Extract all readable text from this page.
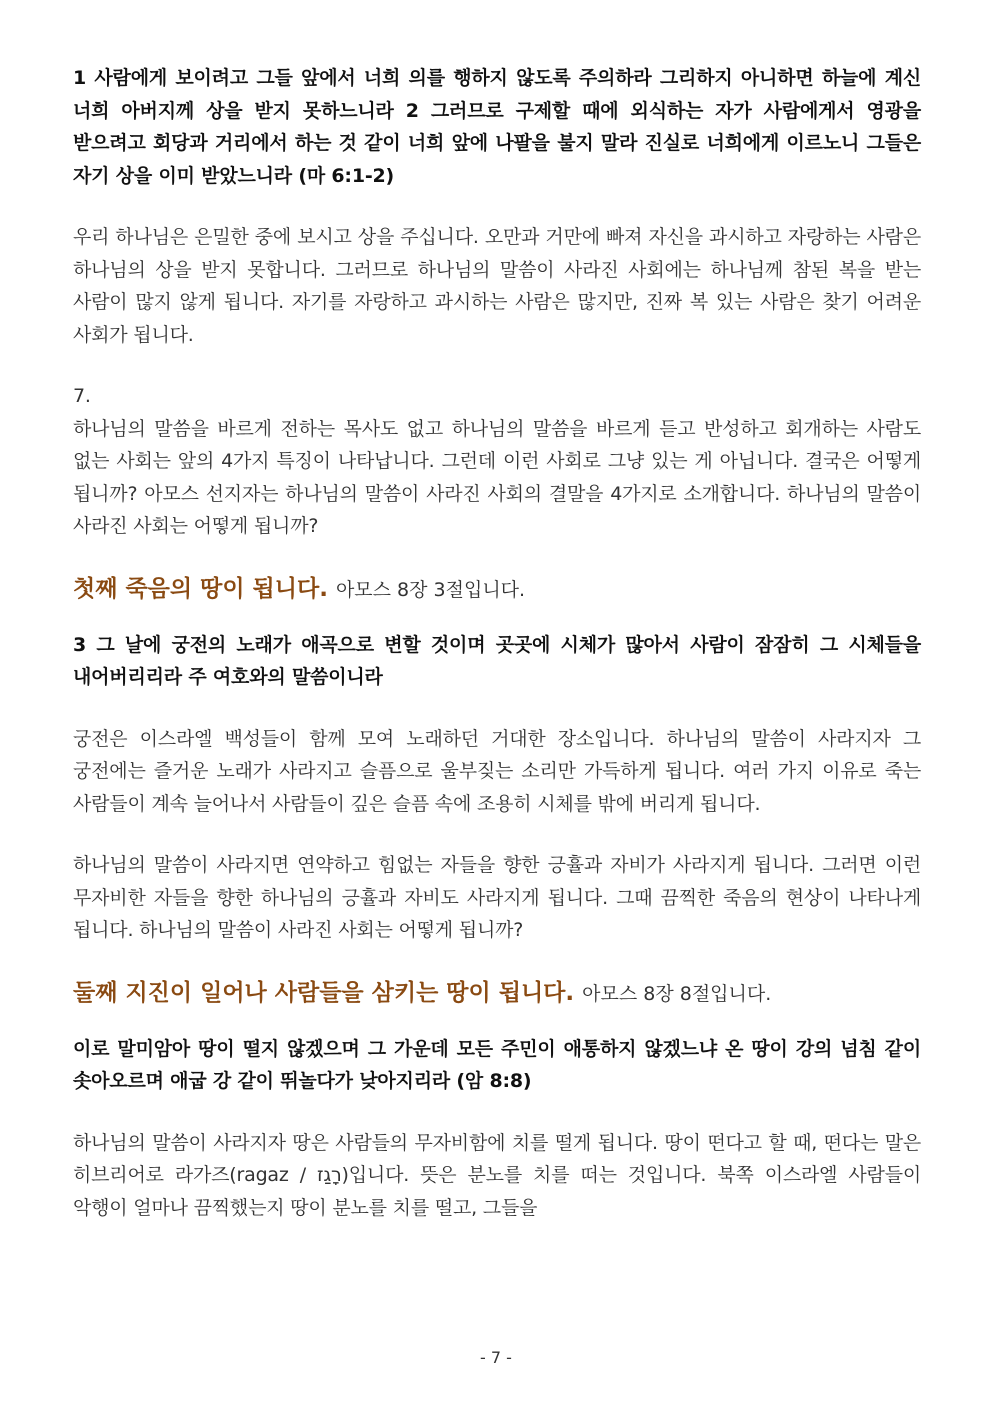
1 사람에게 보이려고 그들 앞에서 너희 의를 행하지 않도록 주의하라 그리하지 아니하면 하늘에 계신 너희 아버지께 상을 받지 못하느니라 2 그러므로 구제할 때에 외식하는 자가 사람에게서 영광을 받으려고 회당과 거리에서 하는 것 같이 너희 앞에 나팔을 불지 말라 진실로 너희에게 이르노니 그들은 자기 상을 이미 받았느니라 (마 6:1-2)

우리 하나님은 은밀한 중에 보시고 상을 주십니다. 오만과 거만에 빠져 자신을 과시하고 자랑하는 사람은 하나님의 상을 받지 못합니다. 그러므로 하나님의 말씀이 사라진 사회에는 하나님께 참된 복을 받는 사람이 많지 않게 됩니다. 자기를 자랑하고 과시하는 사람은 많지만, 진짜 복 있는 사람은 찾기 어려운 사회가 됩니다.

7.

하나님의 말씀을 바르게 전하는 목사도 없고 하나님의 말씀을 바르게 듣고 반성하고 회개하는 사람도 없는 사회는 앞의 4가지 특징이 나타납니다. 그런데 이런 사회로 그냥 있는 게 아닙니다. 결국은 어떻게 됩니까? 아모스 선지자는 하나님의 말씀이 사라진 사회의 결말을 4가지로 소개합니다. 하나님의 말씀이 사라진 사회는 어떻게 됩니까?

첫째 죽음의 땅이 됩니다. 아모스 8장 3절입니다.

3 그 날에 궁전의 노래가 애곡으로 변할 것이며 곳곳에 시체가 많아서 사람이 잠잠히 그 시체들을 내어버리리라 주 여호와의 말씀이니라

궁전은 이스라엘 백성들이 함께 모여 노래하던 거대한 장소입니다. 하나님의 말씀이 사라지자 그 궁전에는 즐거운 노래가 사라지고 슬픔으로 울부짖는 소리만 가득하게 됩니다. 여러 가지 이유로 죽는 사람들이 계속 늘어나서 사람들이 깊은 슬픔 속에 조용히 시체를 밖에 버리게 됩니다.

하나님의 말씀이 사라지면 연약하고 힘없는 자들을 향한 긍휼과 자비가 사라지게 됩니다. 그러면 이런 무자비한 자들을 향한 하나님의 긍휼과 자비도 사라지게 됩니다. 그때 끔찍한 죽음의 현상이 나타나게 됩니다. 하나님의 말씀이 사라진 사회는 어떻게 됩니까?

둘째 지진이 일어나 사람들을 삼키는 땅이 됩니다. 아모스 8장 8절입니다.

이로 말미암아 땅이 떨지 않겠으며 그 가운데 모든 주민이 애통하지 않겠느냐 온 땅이 강의 넘침 같이 솟아오르며 애굽 강 같이 뛰놀다가 낮아지리라 (암 8:8)

하나님의 말씀이 사라지자 땅은 사람들의 무자비함에 치를 떨게 됩니다. 땅이 떤다고 할 때, 떤다는 말은 히브리어로 라가즈(ragaz / רָגַז)입니다. 뜻은 분노를 치를 떠는 것입니다. 북쪽 이스라엘 사람들이 악행이 얼마나 끔찍했는지 땅이 분노를 치를 떨고, 그들을

- 7 -
